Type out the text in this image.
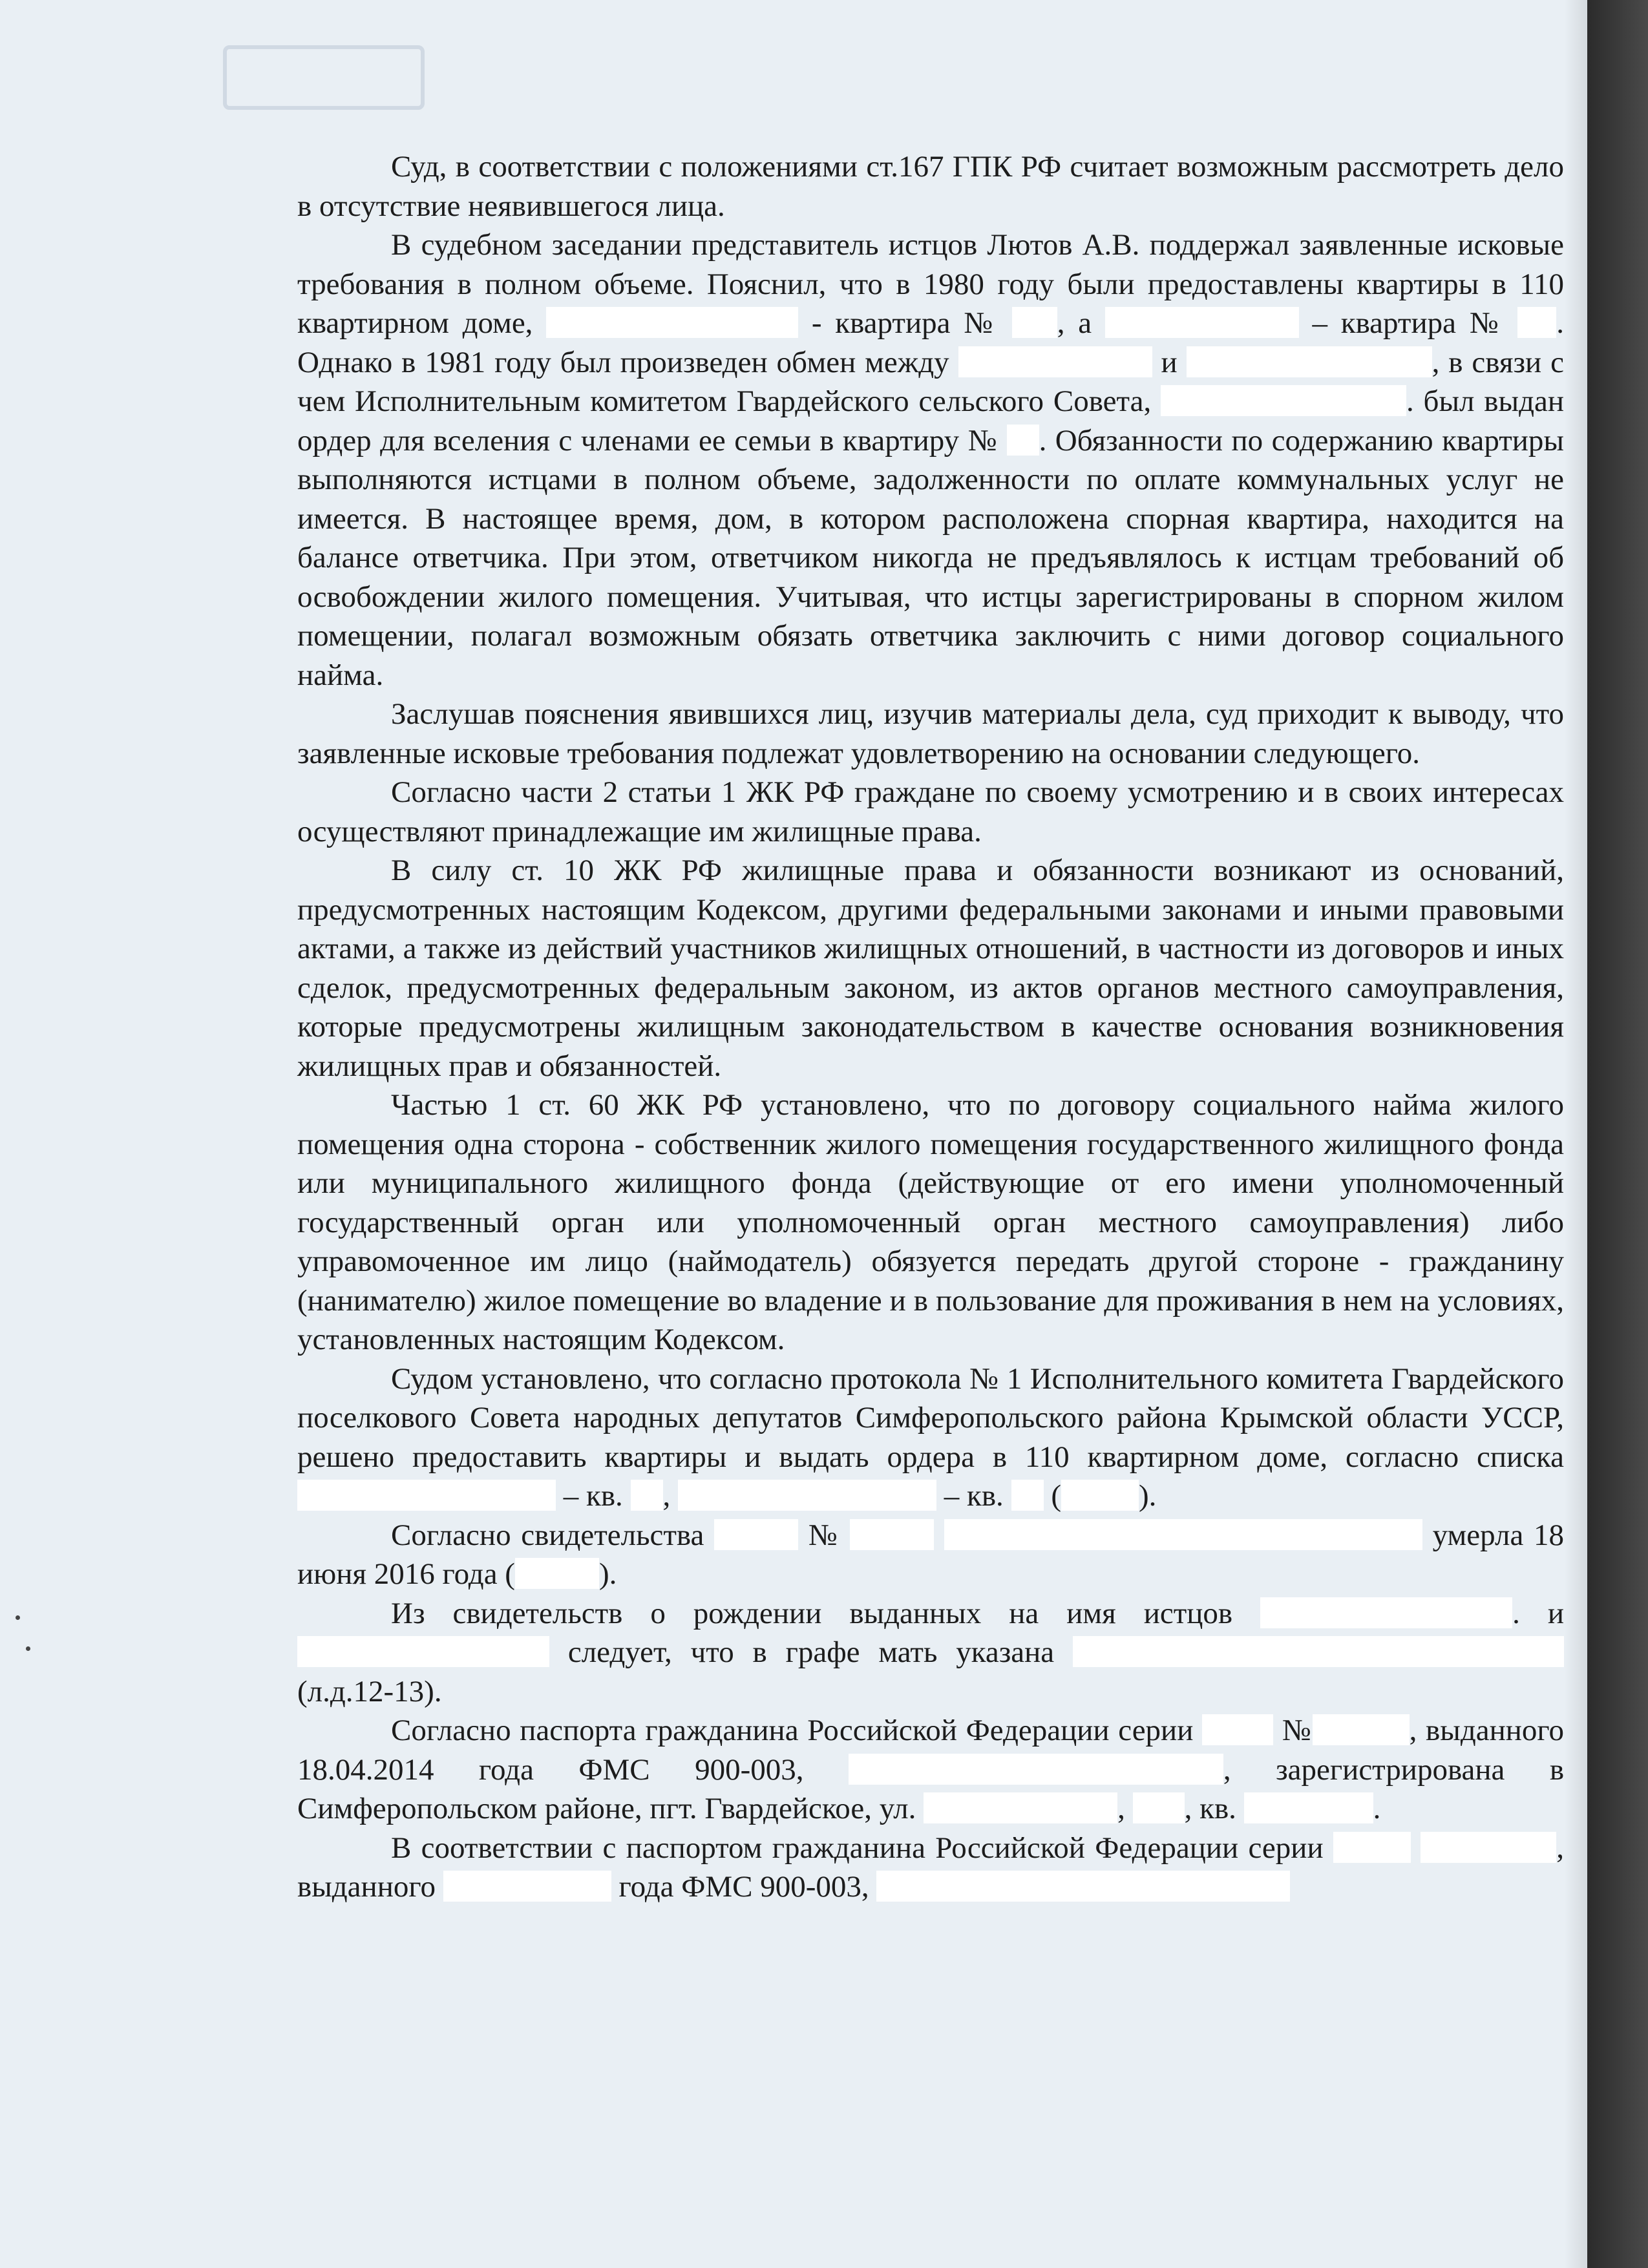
Суд, в соответствии с положениями ст.167 ГПК РФ считает возможным рассмотреть дело в отсутствие неявившегося лица.

В судебном заседании представитель истцов Лютов А.В. поддержал заявленные исковые требования в полном объеме. Пояснил, что в 1980 году были предоставлены квартиры в 110 квартирном доме,	- квартира № , а	– квартира № . Однако в 1981 году был произведен обмен между	и	, в связи с чем Исполнительным комитетом Гвардейского сельского Совета,	. был выдан ордер для вселения с членами ее семьи в квартиру № . Обязанности по содержанию квартиры выполняются истцами в полном объеме, задолженности по оплате коммунальных услуг не имеется. В настоящее время, дом, в котором расположена спорная квартира, находится на балансе ответчика. При этом, ответчиком никогда не предъявлялось к истцам требований об освобождении жилого помещения. Учитывая, что истцы зарегистрированы в спорном жилом помещении, полагал возможным обязать ответчика заключить с ними договор социального найма.

Заслушав пояснения явившихся лиц, изучив материалы дела, суд приходит к выводу, что заявленные исковые требования подлежат удовлетворению на основании следующего.

Согласно части 2 статьи 1 ЖК РФ граждане по своему усмотрению и в своих интересах осуществляют принадлежащие им жилищные права.

В силу ст. 10 ЖК РФ жилищные права и обязанности возникают из оснований, предусмотренных настоящим Кодексом, другими федеральными законами и иными правовыми актами, а также из действий участников жилищных отношений, в частности из договоров и иных сделок, предусмотренных федеральным законом, из актов органов местного самоуправления, которые предусмотрены жилищным законодательством в качестве основания возникновения жилищных прав и обязанностей.

Частью 1 ст. 60 ЖК РФ установлено, что по договору социального найма жилого помещения одна сторона - собственник жилого помещения государственного жилищного фонда или муниципального жилищного фонда (действующие от его имени уполномоченный государственный орган или уполномоченный орган местного самоуправления) либо управомоченное им лицо (наймодатель) обязуется передать другой стороне - гражданину (нанимателю) жилое помещение во владение и в пользование для проживания в нем на условиях, установленных настоящим Кодексом.

Судом установлено, что согласно протокола № 1 Исполнительного комитета Гвардейского поселкового Совета народных депутатов Симферопольского района Крымской области УССР, решено предоставить квартиры и выдать ордера в 110 квартирном доме, согласно списка  – кв. ,	– кв.  (	).

Согласно свидетельства	№	умерла 18 июня 2016 года (	).

Из свидетельств о рождении выданных на имя истцов	. и  следует, что в графе мать указана  (л.д.12-13).

Согласно паспорта гражданина Российской Федерации серии  №	, выданного 18.04.2014 года ФМС 900-003,	, зарегистрирована в Симферопольском районе, пгт. Гвардейское, ул.	, , кв.	.

В соответствии с паспортом гражданина Российской Федерации серии	, выданного	года ФМС 900-003,
